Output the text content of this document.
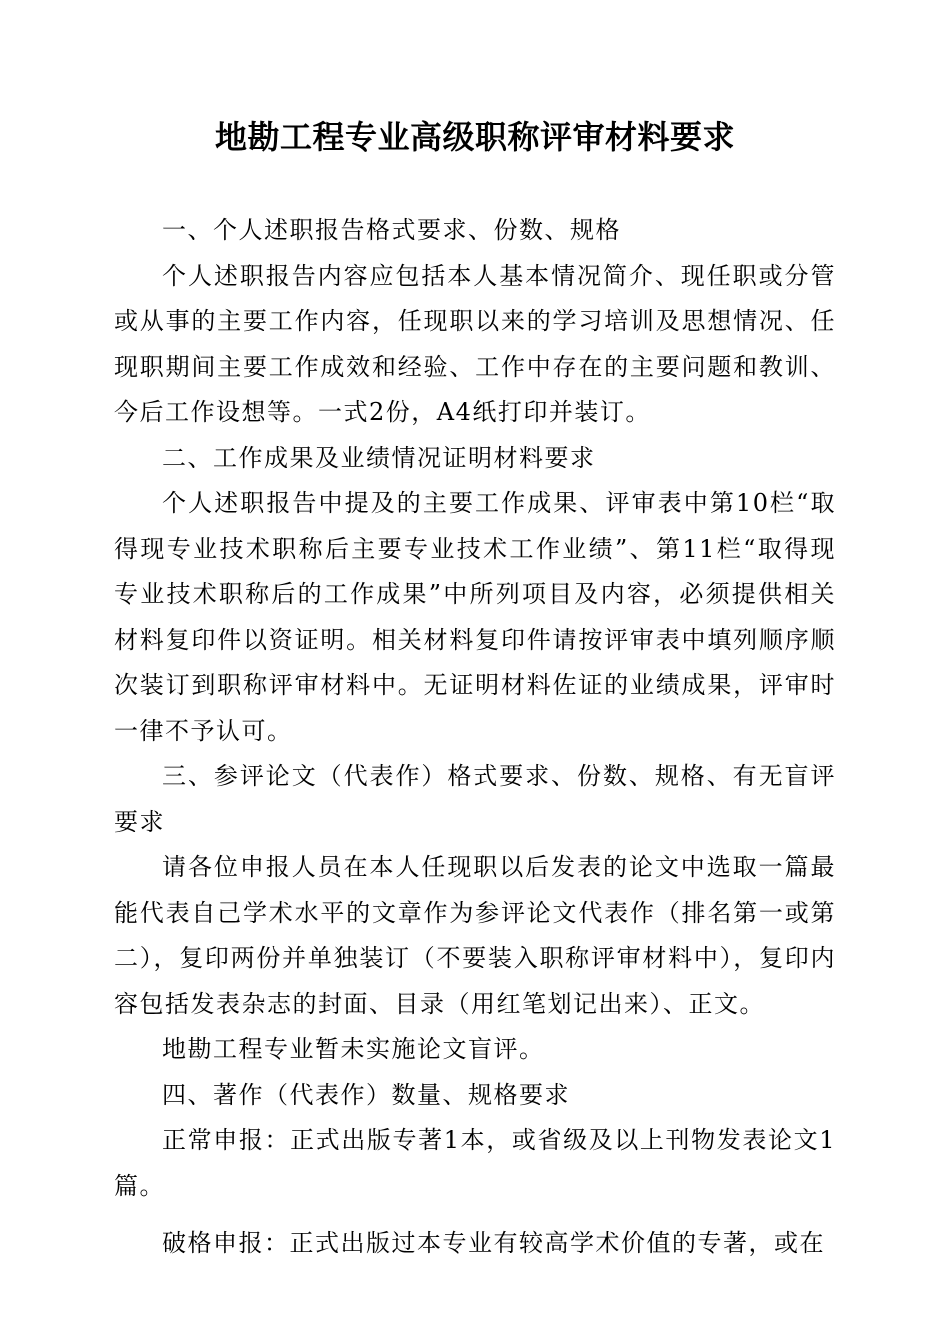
地勘工程专业高级职称评审材料要求

一、个人述职报告格式要求、份数、规格

个人述职报告内容应包括本人基本情况简介、现任职或分管或从事的主要工作内容，任现职以来的学习培训及思想情况、任现职期间主要工作成效和经验、工作中存在的主要问题和教训、今后工作设想等。一式2份，A4纸打印并装订。

二、工作成果及业绩情况证明材料要求

个人述职报告中提及的主要工作成果、评审表中第10栏“取得现专业技术职称后主要专业技术工作业绩”、第11栏“取得现专业技术职称后的工作成果”中所列项目及内容，必须提供相关材料复印件以资证明。相关材料复印件请按评审表中填列顺序顺次装订到职称评审材料中。无证明材料佐证的业绩成果，评审时一律不予认可。

三、参评论文（代表作）格式要求、份数、规格、有无盲评要求

请各位申报人员在本人任现职以后发表的论文中选取一篇最能代表自己学术水平的文章作为参评论文代表作（排名第一或第二），复印两份并单独装订（不要装入职称评审材料中），复印内容包括发表杂志的封面、目录（用红笔划记出来）、正文。

地勘工程专业暂未实施论文盲评。

四、著作（代表作）数量、规格要求

正常申报：正式出版专著1本，或省级及以上刊物发表论文1篇。

破格申报：正式出版过本专业有较高学术价值的专著，或在
